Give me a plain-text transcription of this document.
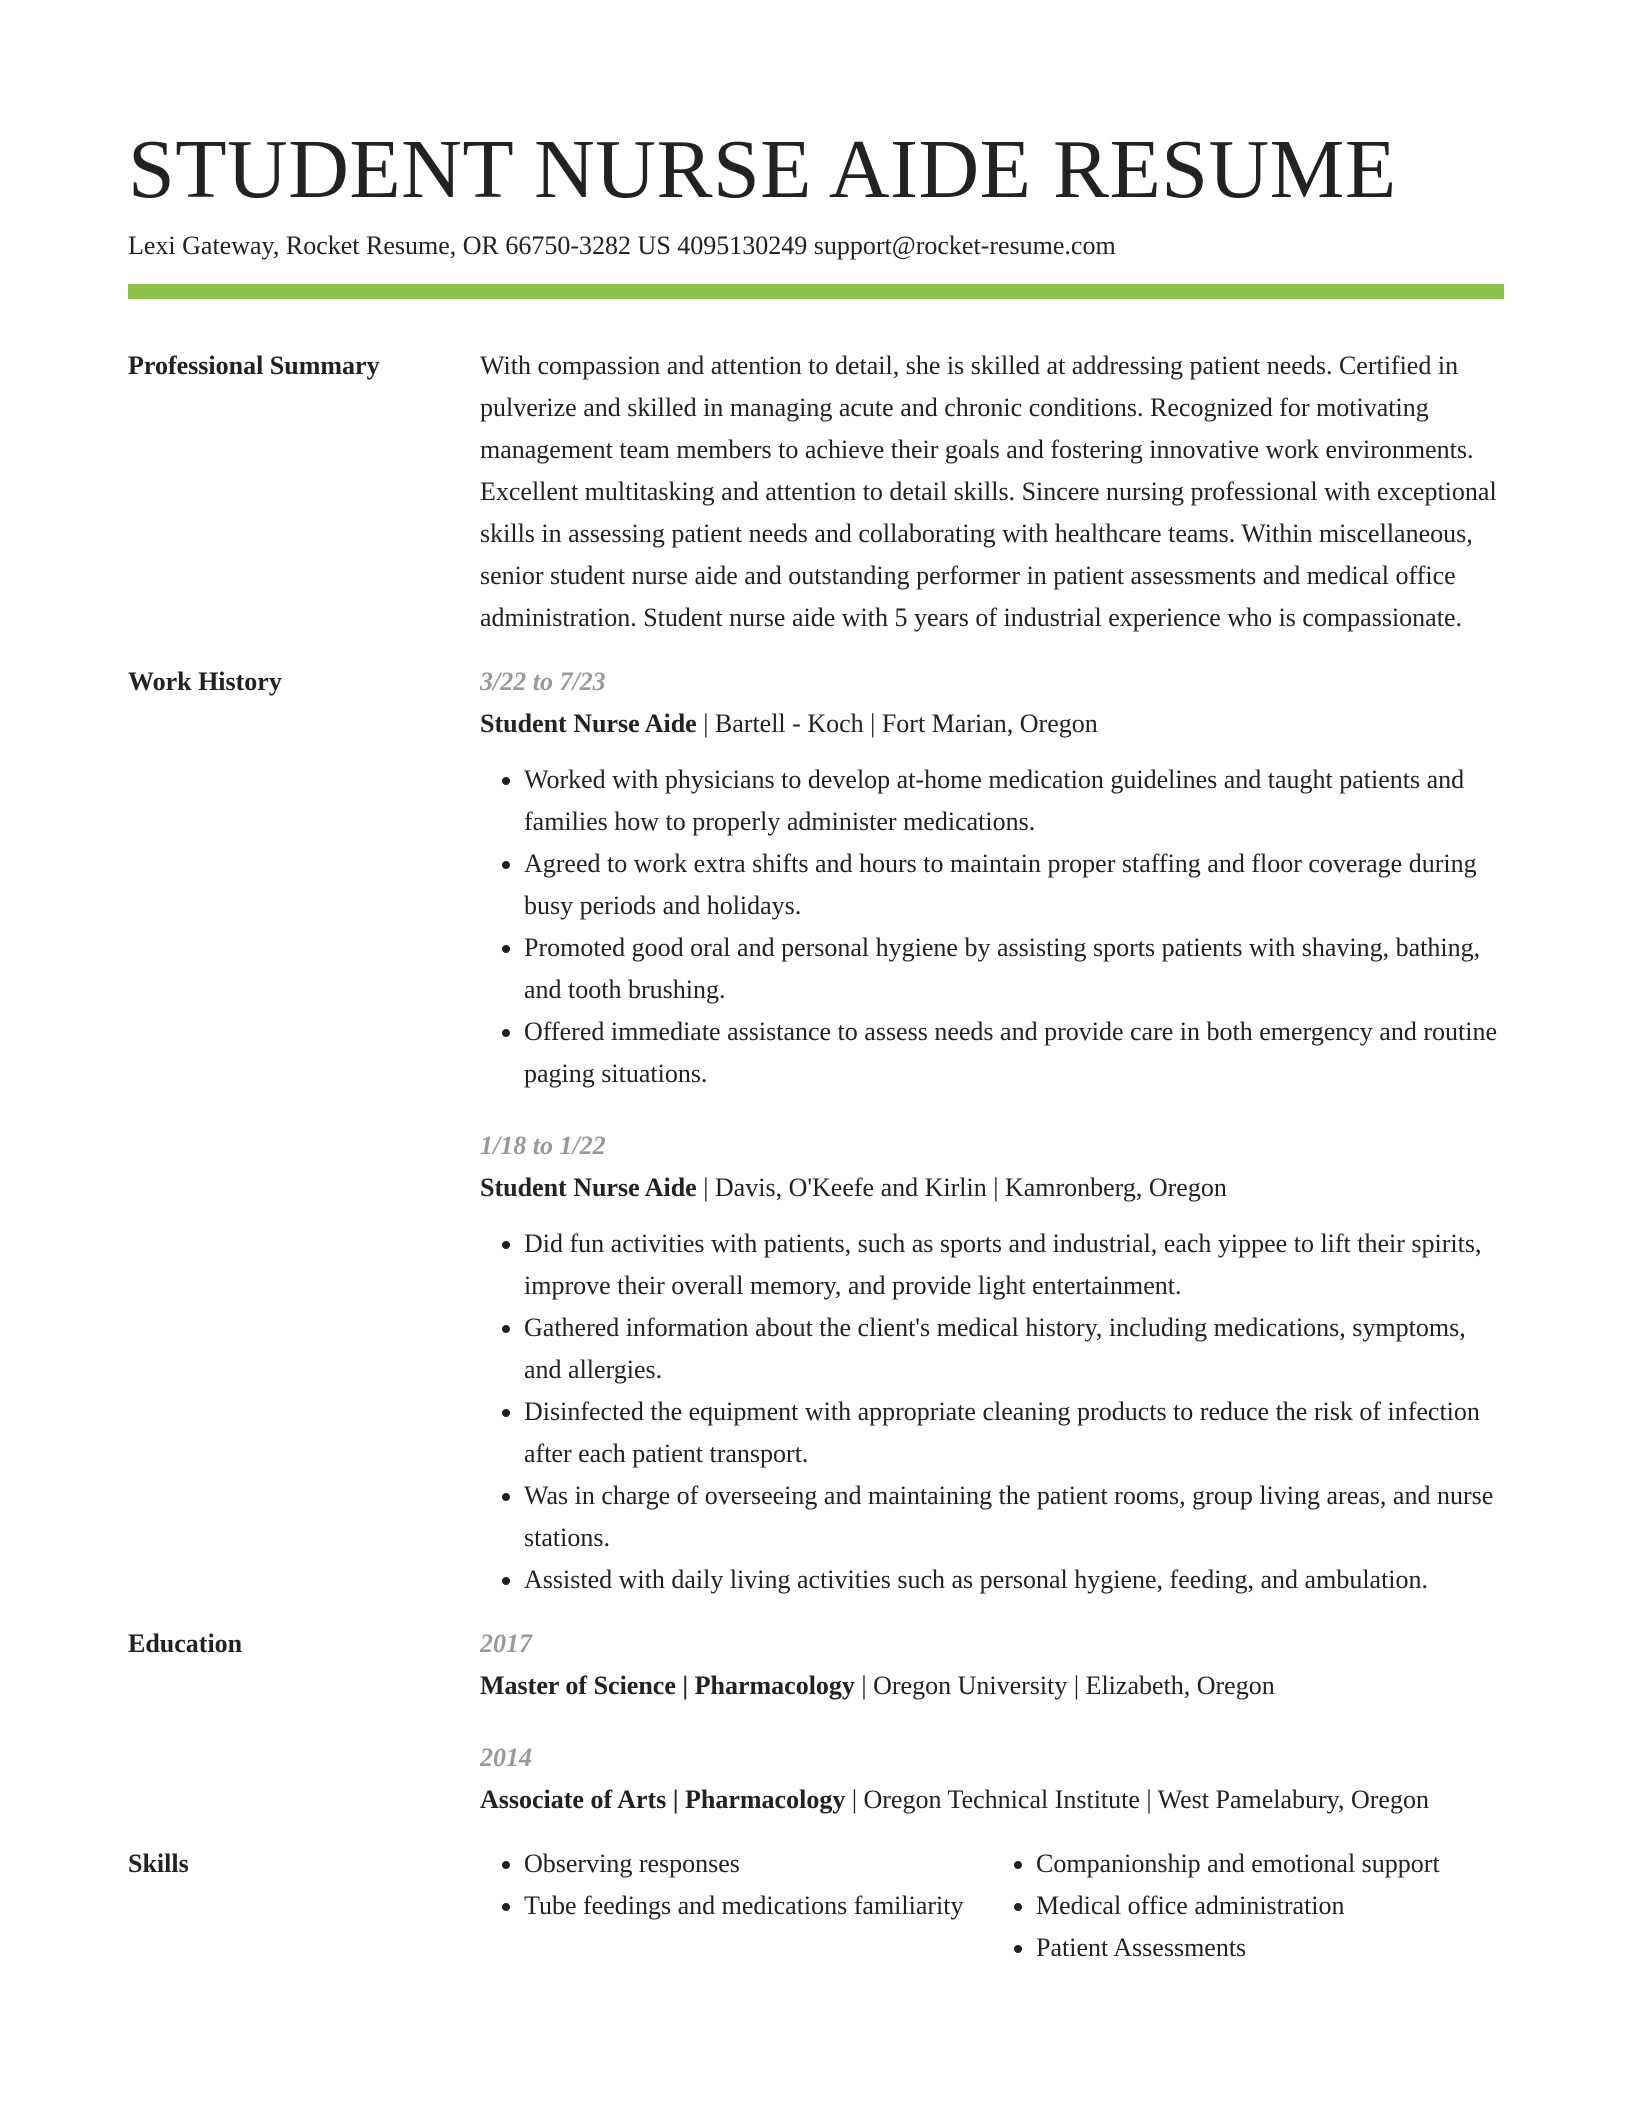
STUDENT NURSE AIDE RESUME
Lexi Gateway, Rocket Resume, OR 66750-3282 US 4095130249 support@rocket-resume.com
Professional Summary	With compassion and attention to detail, she is skilled at addressing patient needs. Certified in pulverize and skilled in managing acute and chronic conditions. Recognized for motivating management team members to achieve their goals and fostering innovative work environments. Excellent multitasking and attention to detail skills. Sincere nursing professional with exceptional skills in assessing patient needs and collaborating with healthcare teams. Within miscellaneous, senior student nurse aide and outstanding performer in patient assessments and medical office administration. Student nurse aide with 5 years of industrial experience who is compassionate.

Work History	3/22 to 7/23
Student Nurse Aide | Bartell - Koch | Fort Marian, Oregon
• Worked with physicians to develop at-home medication guidelines and taught patients and families how to properly administer medications.
• Agreed to work extra shifts and hours to maintain proper staffing and floor coverage during busy periods and holidays.
• Promoted good oral and personal hygiene by assisting sports patients with shaving, bathing, and tooth brushing.
• Offered immediate assistance to assess needs and provide care in both emergency and routine paging situations.
1/18 to 1/22
Student Nurse Aide | Davis, O'Keefe and Kirlin | Kamronberg, Oregon
• Did fun activities with patients, such as sports and industrial, each yippee to lift their spirits, improve their overall memory, and provide light entertainment.
• Gathered information about the client's medical history, including medications, symptoms, and allergies.
• Disinfected the equipment with appropriate cleaning products to reduce the risk of infection after each patient transport.
• Was in charge of overseeing and maintaining the patient rooms, group living areas, and nurse stations.
• Assisted with daily living activities such as personal hygiene, feeding, and ambulation.
Education	2017
Master of Science | Pharmacology | Oregon University | Elizabeth, Oregon
2014
Associate of Arts | Pharmacology | Oregon Technical Institute | West Pamelabury, Oregon
Skills
•	Observing responses
• Tube feedings and medications familiarity
• Companionship and emotional support
• Medical office administration
• Patient Assessments
